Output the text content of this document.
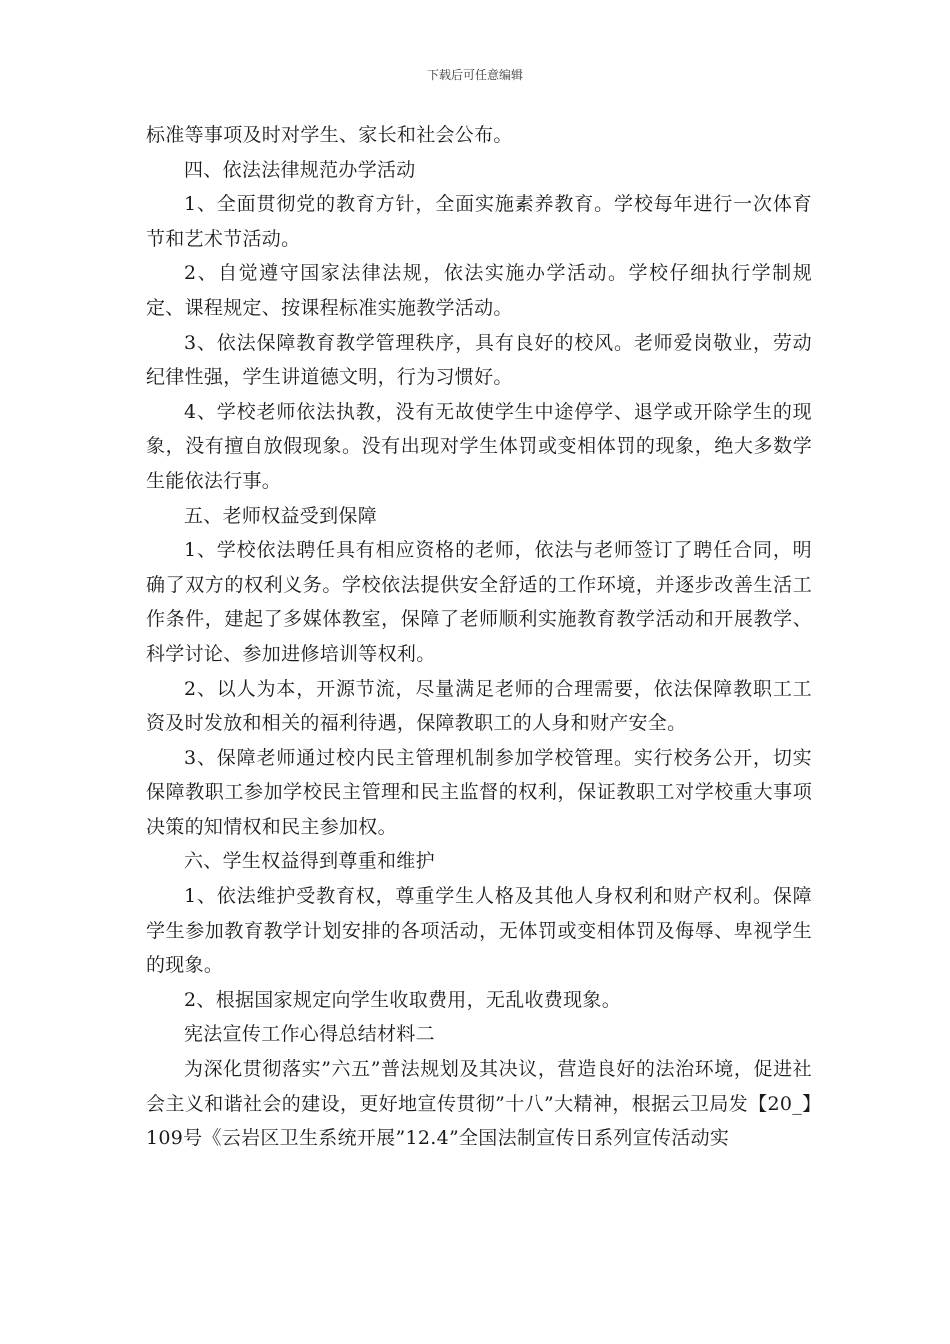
下载后可任意编辑

标准等事项及时对学生、家长和社会公布。

四、依法法律规范办学活动

1、全面贯彻党的教育方针，全面实施素养教育。学校每年进行一次体育节和艺术节活动。

2、自觉遵守国家法律法规，依法实施办学活动。学校仔细执行学制规定、课程规定、按课程标准实施教学活动。

3、依法保障教育教学管理秩序，具有良好的校风。老师爱岗敬业，劳动纪律性强，学生讲道德文明，行为习惯好。

4、学校老师依法执教，没有无故使学生中途停学、退学或开除学生的现象，没有擅自放假现象。没有出现对学生体罚或变相体罚的现象，绝大多数学生能依法行事。

五、老师权益受到保障

1、学校依法聘任具有相应资格的老师，依法与老师签订了聘任合同，明确了双方的权利义务。学校依法提供安全舒适的工作环境，并逐步改善生活工作条件，建起了多媒体教室，保障了老师顺利实施教育教学活动和开展教学、科学讨论、参加进修培训等权利。

2、以人为本，开源节流，尽量满足老师的合理需要，依法保障教职工工资及时发放和相关的福利待遇，保障教职工的人身和财产安全。

3、保障老师通过校内民主管理机制参加学校管理。实行校务公开，切实保障教职工参加学校民主管理和民主监督的权利，保证教职工对学校重大事项决策的知情权和民主参加权。

六、学生权益得到尊重和维护

1、依法维护受教育权，尊重学生人格及其他人身权利和财产权利。保障学生参加教育教学计划安排的各项活动，无体罚或变相体罚及侮辱、卑视学生的现象。

2、根据国家规定向学生收取费用，无乱收费现象。

宪法宣传工作心得总结材料二

为深化贯彻落实”六五”普法规划及其决议，营造良好的法治环境，促进社会主义和谐社会的建设，更好地宣传贯彻”十八”大精神，根据云卫局发【20_】109号《云岩区卫生系统开展”12.4”全国法制宣传日系列宣传活动实
